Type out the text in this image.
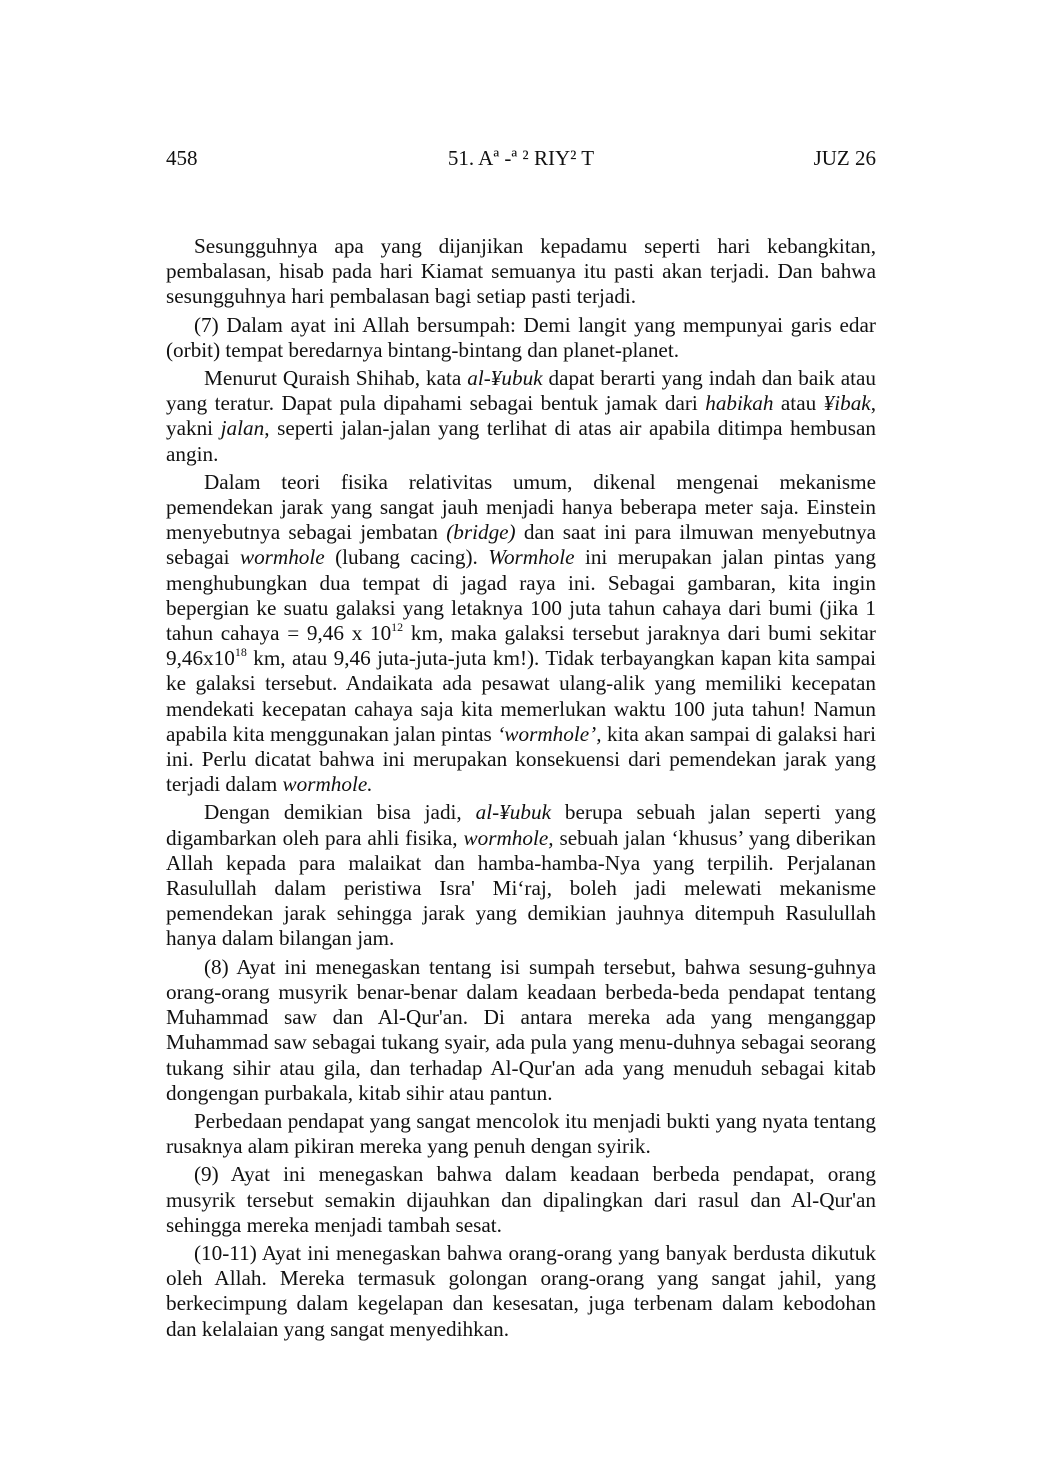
458	51. Aª -ª ² RIY² T	JUZ 26

Sesungguhnya apa yang dijanjikan kepadamu seperti hari kebangkitan, pembalasan, hisab pada hari Kiamat semuanya itu pasti akan terjadi. Dan bahwa sesungguhnya hari pembalasan bagi setiap pasti terjadi.

(7) Dalam ayat ini Allah bersumpah: Demi langit yang mempunyai garis edar (orbit) tempat beredarnya bintang-bintang dan planet-planet.

Menurut Quraish Shihab, kata al-¥ubuk dapat berarti yang indah dan baik atau yang teratur. Dapat pula dipahami sebagai bentuk jamak dari habikah atau ¥ibak, yakni jalan, seperti jalan-jalan yang terlihat di atas air apabila ditimpa hembusan angin.

Dalam teori fisika relativitas umum, dikenal mengenai mekanisme pemendekan jarak yang sangat jauh menjadi hanya beberapa meter saja. Einstein menyebutnya sebagai jembatan (bridge) dan saat ini para ilmuwan menyebutnya sebagai wormhole (lubang cacing). Wormhole ini merupakan jalan pintas yang menghubungkan dua tempat di jagad raya ini. Sebagai gambaran, kita ingin bepergian ke suatu galaksi yang letaknya 100 juta tahun cahaya dari bumi (jika 1 tahun cahaya = 9,46 x $10^{12}$ km, maka galaksi tersebut jaraknya dari bumi sekitar $9,46x10^{18}$ km, atau 9,46 juta-juta-juta km!). Tidak terbayangkan kapan kita sampai ke galaksi tersebut. Andaikata ada pesawat ulang-alik yang memiliki kecepatan mendekati kecepatan cahaya saja kita memerlukan waktu 100 juta tahun! Namun apabila kita menggunakan jalan pintas ‘wormhole’, kita akan sampai di galaksi hari ini. Perlu dicatat bahwa ini merupakan konsekuensi dari pemendekan jarak yang terjadi dalam wormhole.

Dengan demikian bisa jadi, al-¥ubuk berupa sebuah jalan seperti yang digambarkan oleh para ahli fisika, wormhole, sebuah jalan ‘khusus’ yang diberikan Allah kepada para malaikat dan hamba-hamba-Nya yang terpilih. Perjalanan Rasulullah dalam peristiwa Isra' Mi‘raj, boleh jadi melewati mekanisme pemendekan jarak sehingga jarak yang demikian jauhnya ditempuh Rasulullah hanya dalam bilangan jam.

(8) Ayat ini menegaskan tentang isi sumpah tersebut, bahwa sesung-guhnya orang-orang musyrik benar-benar dalam keadaan berbeda-beda pendapat tentang Muhammad saw dan Al-Qur'an. Di antara mereka ada yang menganggap Muhammad saw sebagai tukang syair, ada pula yang menu-duhnya sebagai seorang tukang sihir atau gila, dan terhadap Al-Qur'an ada yang menuduh sebagai kitab dongengan purbakala, kitab sihir atau pantun.

Perbedaan pendapat yang sangat mencolok itu menjadi bukti yang nyata tentang rusaknya alam pikiran mereka yang penuh dengan syirik.

(9) Ayat ini menegaskan bahwa dalam keadaan berbeda pendapat, orang musyrik tersebut semakin dijauhkan dan dipalingkan dari rasul dan Al-Qur'an sehingga mereka menjadi tambah sesat.

(10-11) Ayat ini menegaskan bahwa orang-orang yang banyak berdusta dikutuk oleh Allah. Mereka termasuk golongan orang-orang yang sangat jahil, yang berkecimpung dalam kegelapan dan kesesatan, juga terbenam dalam kebodohan dan kelalaian yang sangat menyedihkan.
